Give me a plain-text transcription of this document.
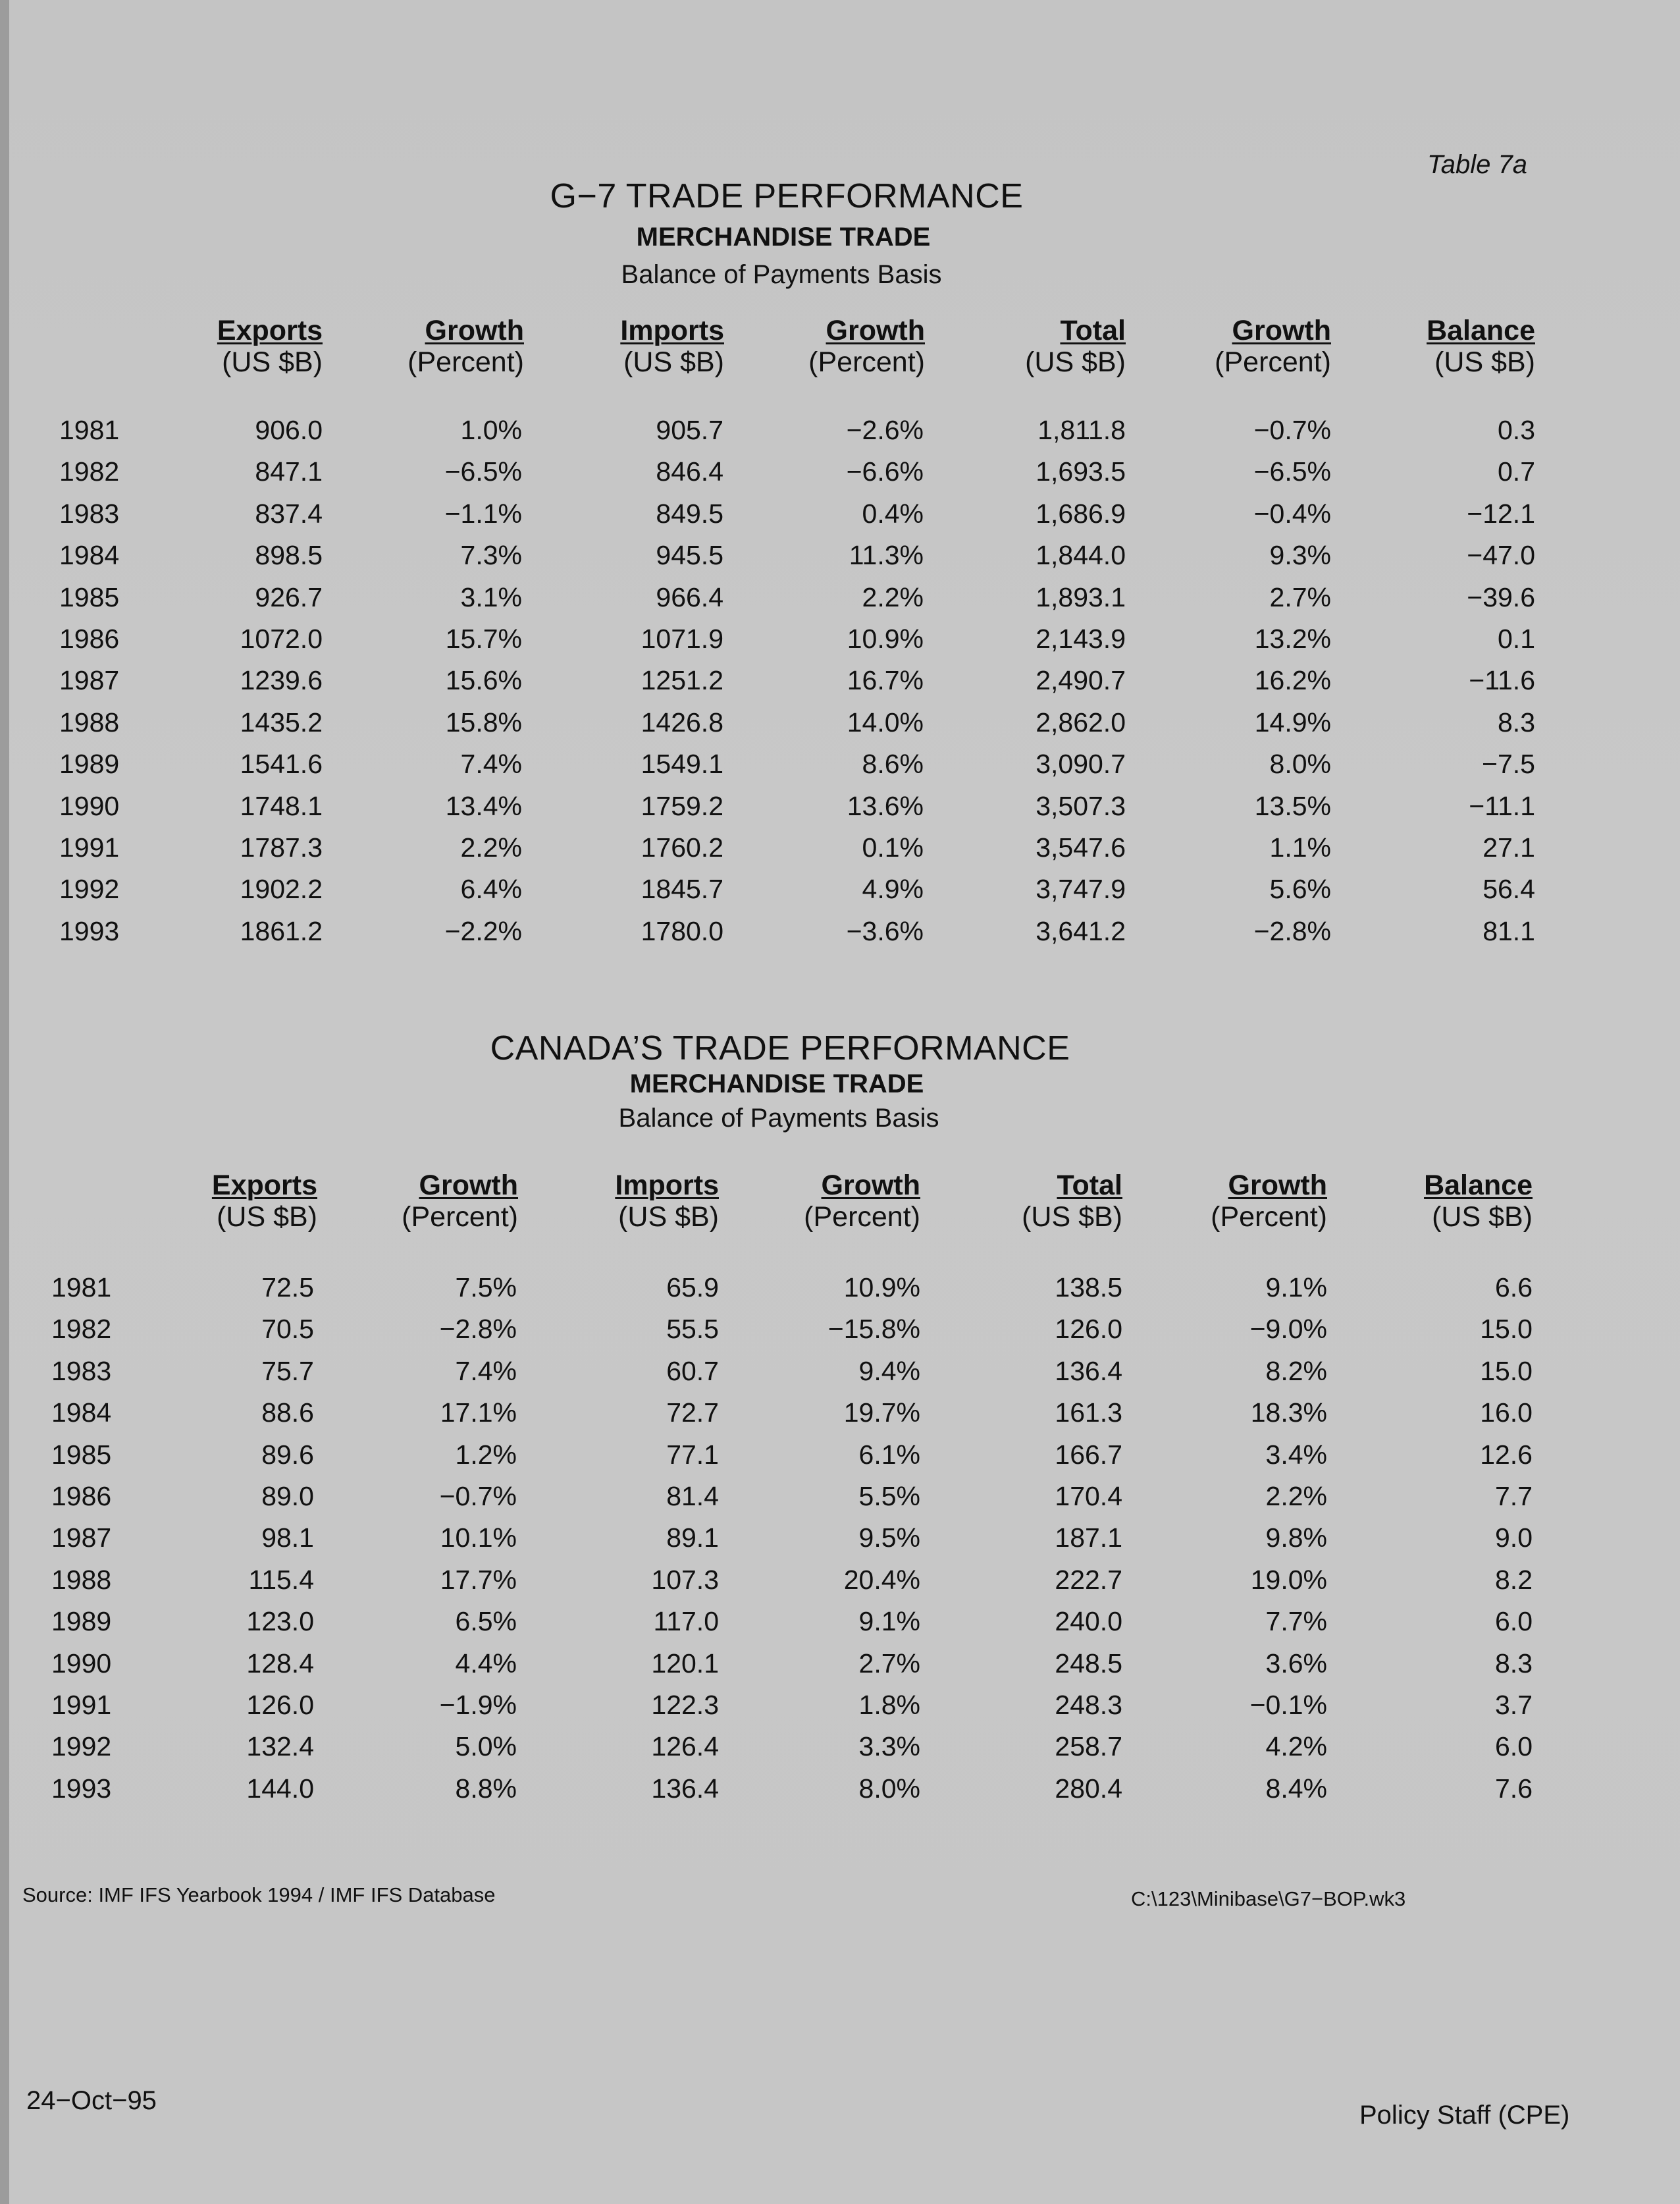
Table 7a
G−7 TRADE PERFORMANCE
MERCHANDISE TRADE
Balance of Payments Basis
Exports
(US $B)
Growth
(Percent)
Imports
(US $B)
Growth
(Percent)
Total
(US $B)
Growth
(Percent)
Balance
(US $B)
1981	906.0	1.0%	905.7	−2.6%	1,811.8	−0.7%	0.3
1982	847.1	−6.5%	846.4	−6.6%	1,693.5	−6.5%	0.7
1983	837.4	−1.1%	849.5	0.4%	1,686.9	−0.4%	−12.1
1984	898.5	7.3%	945.5	11.3%	1,844.0	9.3%	−47.0
1985	926.7	3.1%	966.4	2.2%	1,893.1	2.7%	−39.6
1986	1072.0	15.7%	1071.9	10.9%	2,143.9	13.2%	0.1
1987	1239.6	15.6%	1251.2	16.7%	2,490.7	16.2%	−11.6
1988	1435.2	15.8%	1426.8	14.0%	2,862.0	14.9%	8.3
1989	1541.6	7.4%	1549.1	8.6%	3,090.7	8.0%	−7.5
1990	1748.1	13.4%	1759.2	13.6%	3,507.3	13.5%	−11.1
1991	1787.3	2.2%	1760.2	0.1%	3,547.6	1.1%	27.1
1992	1902.2	6.4%	1845.7	4.9%	3,747.9	5.6%	56.4
1993	1861.2	−2.2%	1780.0	−3.6%	3,641.2	−2.8%	81.1
CANADA’S TRADE PERFORMANCE
MERCHANDISE TRADE
Balance of Payments Basis
Exports
(US $B)
Growth
(Percent)
Imports
(US $B)
Growth
(Percent)
Total
(US $B)
Growth
(Percent)
Balance
(US $B)
1981	72.5	7.5%	65.9	10.9%	138.5	9.1%	6.6
1982	70.5	−2.8%	55.5	−15.8%	126.0	−9.0%	15.0
1983	75.7	7.4%	60.7	9.4%	136.4	8.2%	15.0
1984	88.6	17.1%	72.7	19.7%	161.3	18.3%	16.0
1985	89.6	1.2%	77.1	6.1%	166.7	3.4%	12.6
1986	89.0	−0.7%	81.4	5.5%	170.4	2.2%	7.7
1987	98.1	10.1%	89.1	9.5%	187.1	9.8%	9.0
1988	115.4	17.7%	107.3	20.4%	222.7	19.0%	8.2
1989	123.0	6.5%	117.0	9.1%	240.0	7.7%	6.0
1990	128.4	4.4%	120.1	2.7%	248.5	3.6%	8.3
1991	126.0	−1.9%	122.3	1.8%	248.3	−0.1%	3.7
1992	132.4	5.0%	126.4	3.3%	258.7	4.2%	6.0
1993	144.0	8.8%	136.4	8.0%	280.4	8.4%	7.6
Source: IMF IFS Yearbook 1994 / IMF IFS Database	C:\123\Minibase\G7−BOP.wk3
24−Oct−95	Policy Staff (CPE)
